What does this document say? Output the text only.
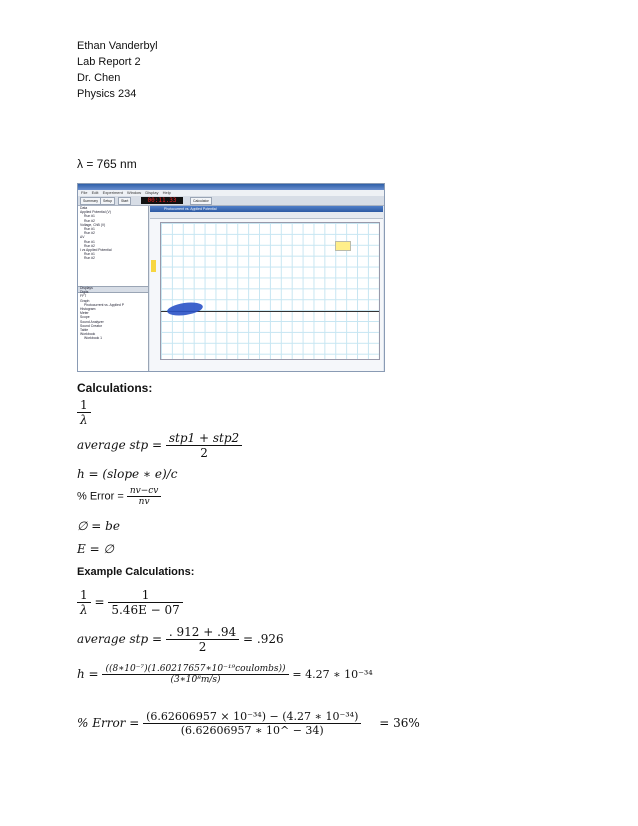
Ethan Vanderbyl
Lab Report 2
Dr. Chen
Physics 234
λ = 765 nm
File Edit Experiment Window Display Help
Summary	Setup	Start	00:11.33	Calculator
Data
Applied Potential (V)
Run #1
Run #2
Voltage, ChB (V)
Run #1
Run #2
ΔV
Run #1
Run #2
I vs Applied Potential
Run #1
Run #2
Displays
Digits
FFT
Graph
Photocurrent vs. Applied P
Histogram
Meter
Scope
Sound Analyzer
Sound Creator
Table
Workbook
Workbook 1
Photocurrent vs. Applied Potential
Calculations:
$\frac{1}{\lambda}$
average stp = $\frac{\text{stp1 + stp2}}{2}$
h = (slope ∗ e)/c
% Error = $\frac{nv-cv}{nv}$
∅ = be
E = ∅
Example Calculations:
$\frac{1}{\lambda} = \frac{1}{5.46E - 07}$
average stp = $\frac{. 912 + .94}{2} = .926$
$h = \frac{\text{((8∗10⁻⁷)(1.60217657∗10⁻¹⁹coulombs))}}{\text{(3∗10⁸m/s)}} = 4.27$ ∗ 10⁻³⁴
% Error = $\frac{\text{(6.62606957 × 10⁻³⁴) − (4.27 ∗ 10⁻³⁴)}}{(6.62606957 ∗ 10\^{} - 34)} = 36\%$
